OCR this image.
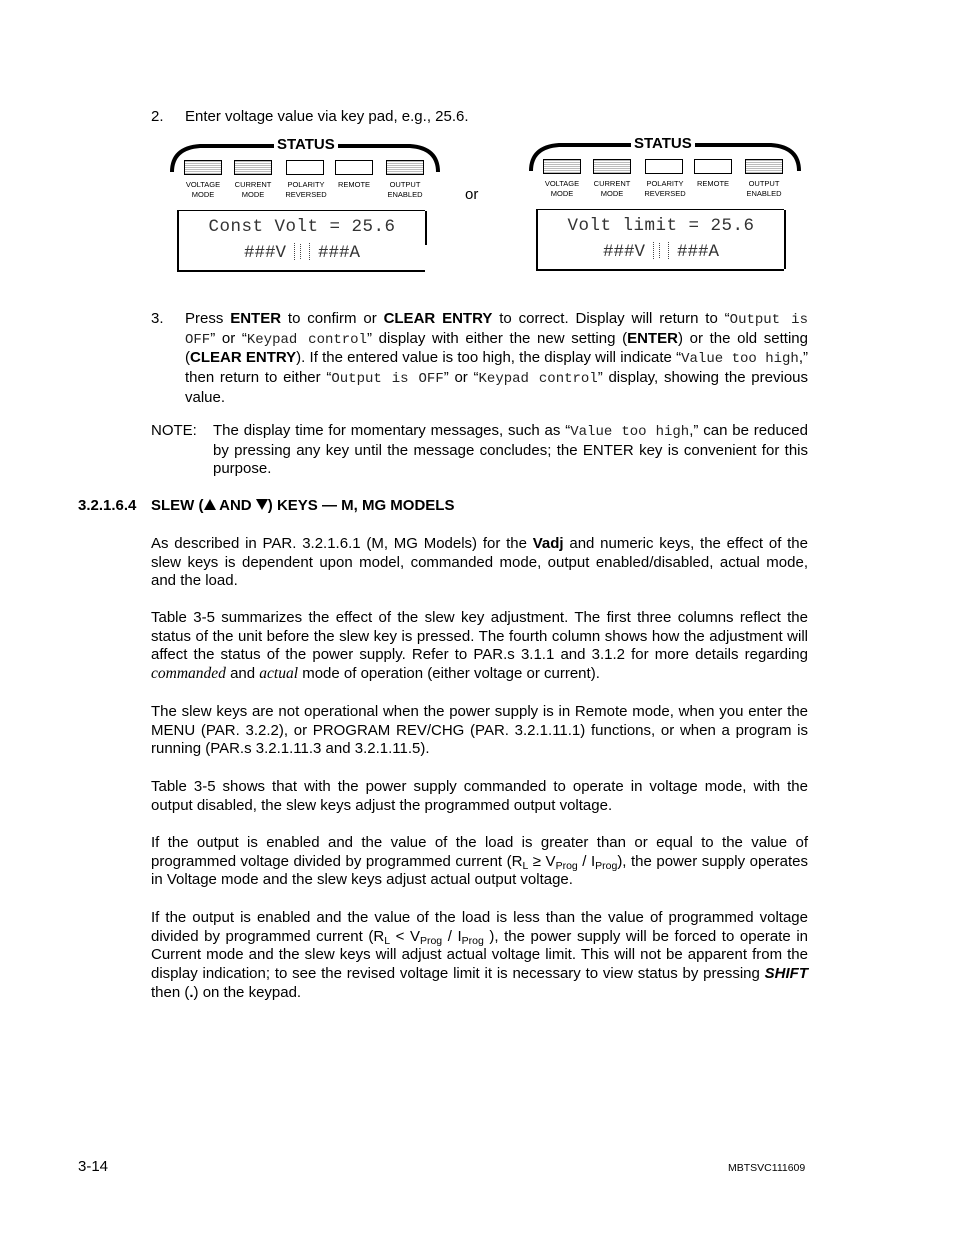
2. Enter voltage value via key pad, e.g., 25.6.
STATUS
VOLTAGE
MODE
CURRENT
MODE
POLARITY
REVERSED
REMOTE	OUTPUT
ENABLED
Const Volt = 25.6
###V ###A
or
STATUS
VOLTAGE
MODE
CURRENT
MODE
POLARITY
REVERSED
REMOTE	OUTPUT
ENABLED
Volt limit = 25.6
###V ###A
3. Press ENTER to confirm or CLEAR ENTRY to correct. Display will return to “Output is OFF” or “Keypad control” display with either the new setting (ENTER) or the old setting (CLEAR ENTRY). If the entered value is too high, the display will indicate “Value too high,” then return to either “Output is OFF” or “Keypad control” display, showing the previous value.
NOTE: The display time for momentary messages, such as “Value too high,” can be reduced by pressing any key until the message concludes; the ENTER key is convenient for this purpose.
3.2.1.6.4 SLEW ( AND ) KEYS — M, MG MODELS
As described in PAR. 3.2.1.6.1 (M, MG Models) for the Vadj and numeric keys, the effect of the slew keys is dependent upon model, commanded mode, output enabled/disabled, actual mode, and the load.
Table 3-5 summarizes the effect of the slew key adjustment. The first three columns reflect the status of the unit before the slew key is pressed. The fourth column shows how the adjustment will affect the status of the power supply. Refer to PAR.s 3.1.1 and 3.1.2 for more details regarding commanded and actual mode of operation (either voltage or current).
The slew keys are not operational when the power supply is in Remote mode, when you enter the MENU (PAR. 3.2.2), or PROGRAM REV/CHG (PAR. 3.2.1.11.1) functions, or when a program is running (PAR.s 3.2.1.11.3 and 3.2.1.11.5).
Table 3-5 shows that with the power supply commanded to operate in voltage mode, with the output disabled, the slew keys adjust the programmed output voltage.
If the output is enabled and the value of the load is greater than or equal to the value of programmed voltage divided by programmed current $(R_L \ge V_{Prog} / I_{Prog})$, the power supply operates in Voltage mode and the slew keys adjust actual output voltage.
If the output is enabled and the value of the load is less than the value of programmed voltage divided by programmed current ($R_L < V_{Prog} / I_{Prog}$ ), the power supply will be forced to operate in Current mode and the slew keys will adjust actual voltage limit. This will not be apparent from the display indication; to see the revised voltage limit it is necessary to view status by pressing SHIFT then (.) on the keypad.
3-14	MBTSVC111609
